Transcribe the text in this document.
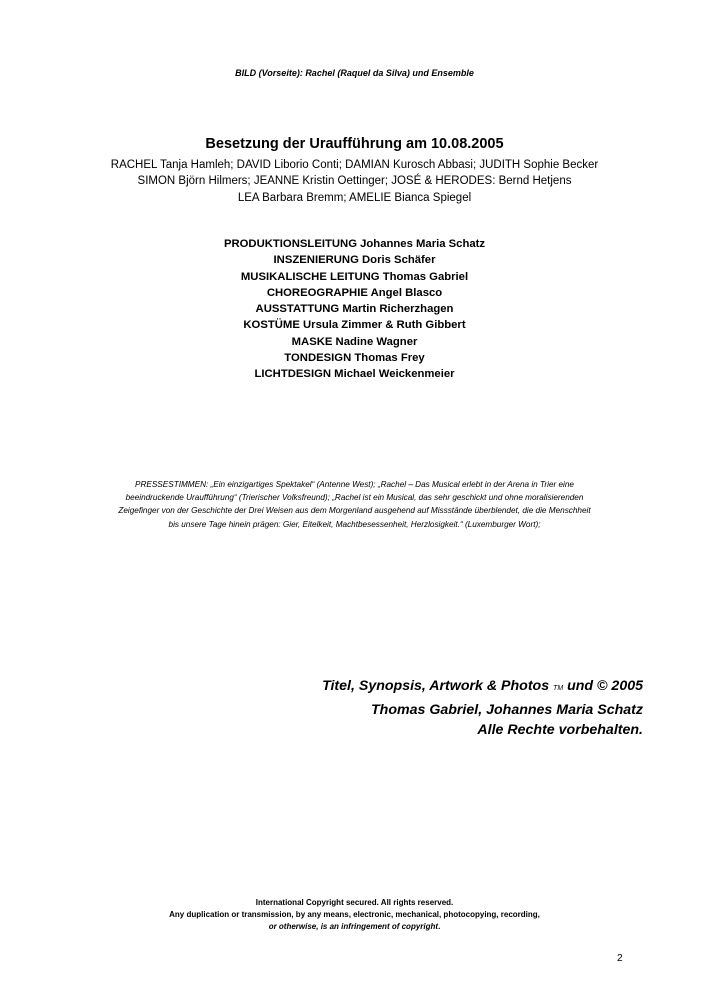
BILD (Vorseite): Rachel (Raquel da Silva) und Ensemble
Besetzung der Uraufführung am 10.08.2005
RACHEL Tanja Hamleh; DAVID Liborio Conti; DAMIAN Kurosch Abbasi; JUDITH Sophie Becker
SIMON Björn Hilmers; JEANNE Kristin Oettinger; JOSÉ & HERODES: Bernd Hetjens
LEA Barbara Bremm; AMELIE Bianca Spiegel
PRODUKTIONSLEITUNG Johannes Maria Schatz
INSZENIERUNG Doris Schäfer
MUSIKALISCHE LEITUNG Thomas Gabriel
CHOREOGRAPHIE Angel Blasco
AUSSTATTUNG Martin Richerzhagen
KOSTÜME Ursula Zimmer & Ruth Gibbert
MASKE Nadine Wagner
TONDESIGN Thomas Frey
LICHTDESIGN Michael Weickenmeier
PRESSESTIMMEN: „Ein einzigartiges Spektakel“ (Antenne West); „Rachel – Das Musical erlebt in der Arena in Trier eine
beeindruckende Uraufführung“ (Trierischer Volksfreund); „Rachel ist ein Musical, das sehr geschickt und ohne moralisierenden
Zeigefinger von der Geschichte der Drei Weisen aus dem Morgenland ausgehend auf Missstände überblendet, die die Menschheit
bis unsere Tage hinein prägen: Gier, Eitelkeit, Machtbesessenheit, Herzlosigkeit.“ (Luxemburger Wort);
Titel, Synopsis, Artwork & Photos TM und © 2005
Thomas Gabriel, Johannes Maria Schatz
Alle Rechte vorbehalten.
International Copyright secured. All rights reserved.
Any duplication or transmission, by any means, electronic, mechanical, photocopying, recording,
or otherwise, is an infringement of copyright.
2
